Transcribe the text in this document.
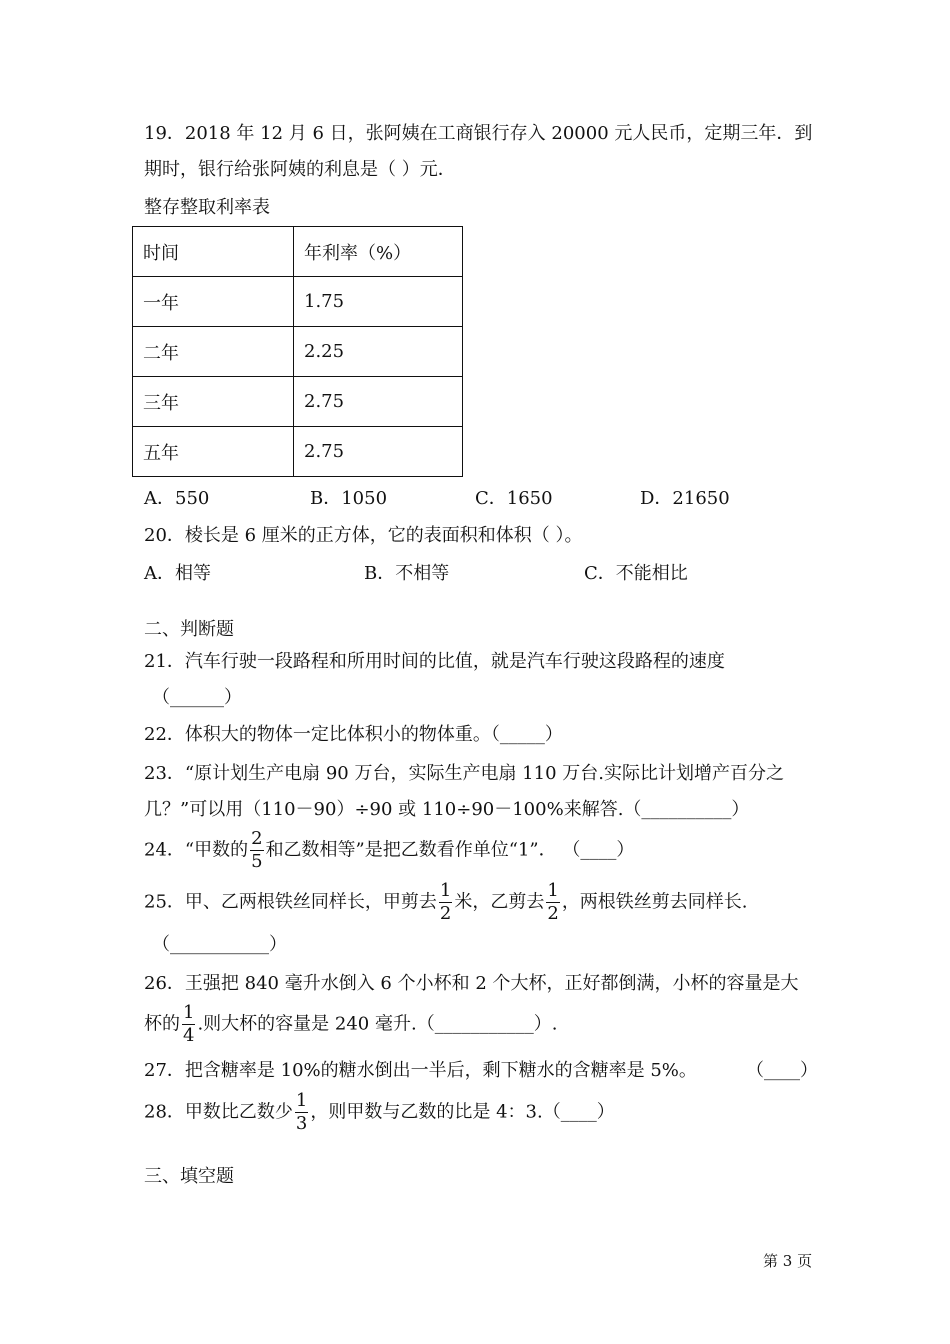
19．2018 年 12 月 6 日，张阿姨在工商银行存入 20000 元人民币，定期三年．到
期时，银行给张阿姨的利息是（ ）元．
整存整取利率表
时间	年利率（%）
一年	1.75
二年	2.25
三年	2.75
五年	2.75
A．550	B．1050	C．1650	D．21650
20．棱长是 6 厘米的正方体，它的表面积和体积（ ）。
A．相等	B．不相等	C．不能相比
二、判断题
21．汽车行驶一段路程和所用时间的比值，就是汽车行驶这段路程的速度
（______）
22．体积大的物体一定比体积小的物体重。（_____）
23．“原计划生产电扇 90 万台，实际生产电扇 110 万台.实际比计划增产百分之
几？”可以用（110－90）÷90 或 110÷90－100%来解答.（__________）
24．“甲数的 $\frac{2}{5}$ 和乙数相等”是把乙数看作单位“1”． （____）
25．甲、乙两根铁丝同样长，甲剪去 $\frac{1}{2}$ 米，乙剪去 $\frac{1}{2}$ ，两根铁丝剪去同样长.
（___________）
26．王强把 840 毫升水倒入 6 个小杯和 2 个大杯，正好都倒满，小杯的容量是大
杯的 $\frac{1}{4}$ .则大杯的容量是 240 毫升.（___________）.
27．把含糖率是 10%的糖水倒出一半后，剩下糖水的含糖率是 5%。	（____）
28．甲数比乙数少 $\frac{1}{3}$ ，则甲数与乙数的比是 4：3.（____）
三、填空题
第 3 页
